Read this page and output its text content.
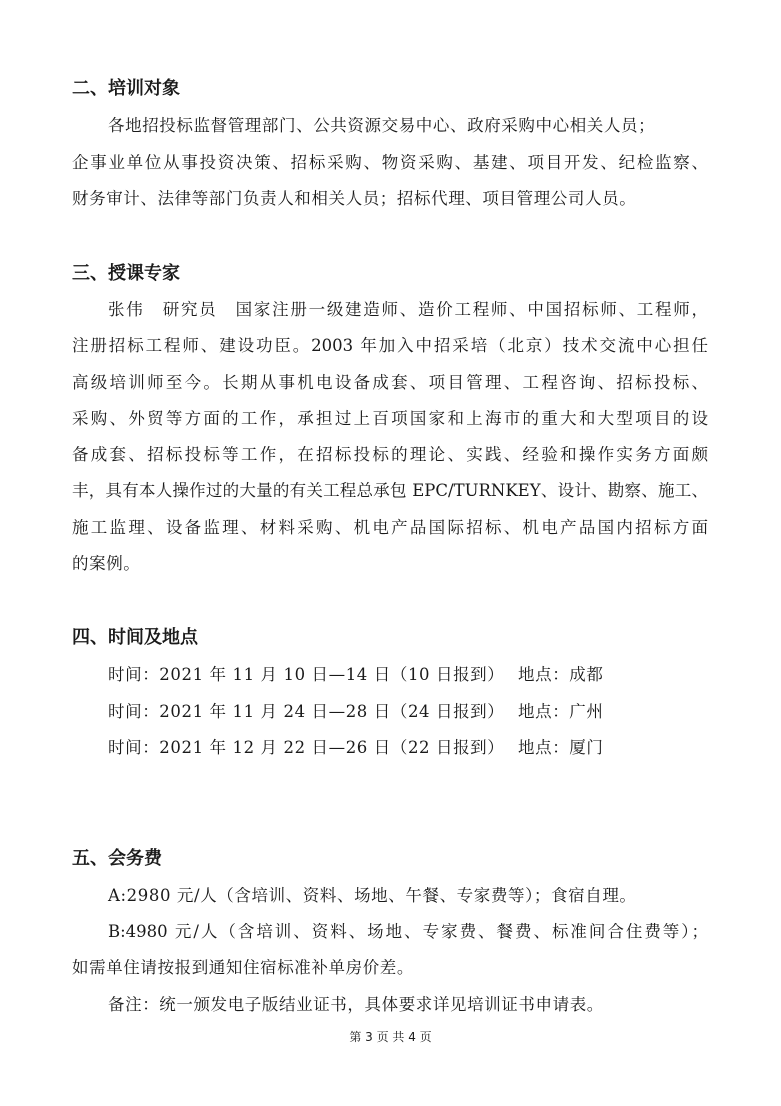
二、培训对象
各地招投标监督管理部门、公共资源交易中心、政府采购中心相关人员；
企事业单位从事投资决策、招标采购、物资采购、基建、项目开发、纪检监察、
财务审计、法律等部门负责人和相关人员；招标代理、项目管理公司人员。
三、授课专家
张伟　研究员　国家注册一级建造师、造价工程师、中国招标师、工程师，
注册招标工程师、建设功臣。2003 年加入中招采培（北京）技术交流中心担任
高级培训师至今。长期从事机电设备成套、项目管理、工程咨询、招标投标、
采购、外贸等方面的工作，承担过上百项国家和上海市的重大和大型项目的设
备成套、招标投标等工作，在招标投标的理论、实践、经验和操作实务方面颇
丰，具有本人操作过的大量的有关工程总承包 EPC/TURNKEY、设计、勘察、施工、
施工监理、设备监理、材料采购、机电产品国际招标、机电产品国内招标方面
的案例。
四、时间及地点
时间：2021 年 11 月 10 日—14 日（10 日报到） 地点：成都
时间：2021 年 11 月 24 日—28 日（24 日报到） 地点：广州
时间：2021 年 12 月 22 日—26 日（22 日报到） 地点：厦门
五、会务费
A:2980 元/人（含培训、资料、场地、午餐、专家费等）；食宿自理。
B:4980 元/人（含培训、资料、场地、专家费、餐费、标准间合住费等）；
如需单住请按报到通知住宿标准补单房价差。
备注：统一颁发电子版结业证书，具体要求详见培训证书申请表。
第 3 页 共 4 页
